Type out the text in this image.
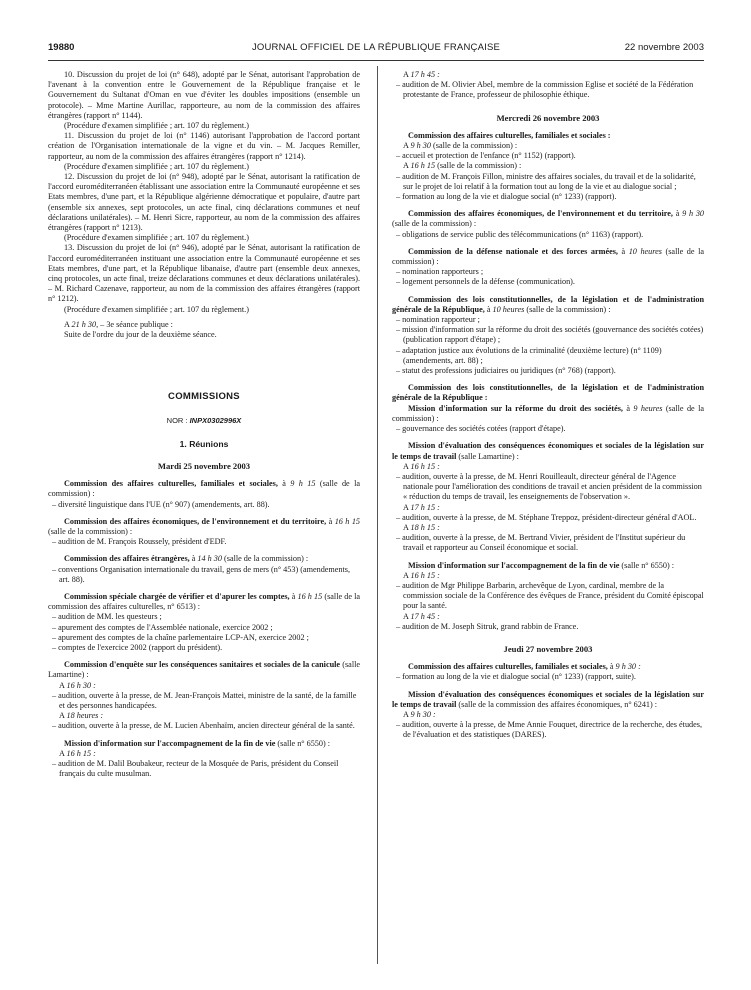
19880	JOURNAL OFFICIEL DE LA RÉPUBLIQUE FRANÇAISE	22 novembre 2003

10. Discussion du projet de loi (n° 648), adopté par le Sénat, autorisant l'approbation de l'avenant à la convention entre le Gouvernement de la République française et le Gouvernement du Sultanat d'Oman en vue d'éviter les doubles impositions (ensemble un protocole). – Mme Martine Aurillac, rapporteure, au nom de la commission des affaires étrangères (rapport n° 1144).

(Procédure d'examen simplifiée ; art. 107 du règlement.)

11. Discussion du projet de loi (n° 1146) autorisant l'approbation de l'accord portant création de l'Organisation internationale de la vigne et du vin. – M. Jacques Remiller, rapporteur, au nom de la commission des affaires étrangères (rapport n° 1214).

(Procédure d'examen simplifiée ; art. 107 du règlement.)

12. Discussion du projet de loi (n° 948), adopté par le Sénat, autorisant la ratification de l'accord euroméditerranéen établissant une association entre la Communauté européenne et ses Etats membres, d'une part, et la République algérienne démocratique et populaire, d'autre part (ensemble six annexes, sept protocoles, un acte final, cinq déclarations communes et neuf déclarations unilatérales). – M. Henri Sicre, rapporteur, au nom de la commission des affaires étrangères (rapport n° 1213).

(Procédure d'examen simplifiée ; art. 107 du règlement.)

13. Discussion du projet de loi (n° 946), adopté par le Sénat, autorisant la ratification de l'accord euroméditerranéen instituant une association entre la Communauté européenne et ses Etats membres, d'une part, et la République libanaise, d'autre part (ensemble deux annexes, cinq protocoles, un acte final, treize déclarations communes et deux déclarations unilatérales). – M. Richard Cazenave, rapporteur, au nom de la commission des affaires étrangères (rapport n° 1212).

(Procédure d'examen simplifiée ; art. 107 du règlement.)

A 21 h 30, – 3e séance publique :

Suite de l'ordre du jour de la deuxième séance.

COMMISSIONS
NOR : INPX0302996X
1. Réunions
Mardi 25 novembre 2003

Commission des affaires culturelles, familiales et sociales, à 9 h 15 (salle de la commission) :

– diversité linguistique dans l'UE (n° 907) (amendements, art. 88).

Commission des affaires économiques, de l'environnement et du territoire, à 16 h 15 (salle de la commission) :

– audition de M. François Roussely, président d'EDF.

Commission des affaires étrangères, à 14 h 30 (salle de la commission) :

– conventions Organisation internationale du travail, gens de mers (n° 453) (amendements, art. 88).

Commission spéciale chargée de vérifier et d'apurer les comptes, à 16 h 15 (salle de la commission des affaires culturelles, n° 6513) :

– audition de MM. les questeurs ;

– apurement des comptes de l'Assemblée nationale, exercice 2002 ;

– apurement des comptes de la chaîne parlementaire LCP-AN, exercice 2002 ;

– comptes de l'exercice 2002 (rapport du président).

Commission d'enquête sur les conséquences sanitaires et sociales de la canicule (salle Lamartine) :

A 16 h 30 :

– audition, ouverte à la presse, de M. Jean-François Mattei, ministre de la santé, de la famille et des personnes handicapées.

A 18 heures :

– audition, ouverte à la presse, de M. Lucien Abenhaïm, ancien directeur général de la santé.

Mission d'information sur l'accompagnement de la fin de vie (salle n° 6550) :

A 16 h 15 :

– audition de M. Dalil Boubakeur, recteur de la Mosquée de Paris, président du Conseil français du culte musulman.

A 17 h 45 :

– audition de M. Olivier Abel, membre de la commission Eglise et société de la Fédération protestante de France, professeur de philosophie éthique.

Mercredi 26 novembre 2003

Commission des affaires culturelles, familiales et sociales :

A 9 h 30 (salle de la commission) :

– accueil et protection de l'enfance (n° 1152) (rapport).

A 16 h 15 (salle de la commission) :

– audition de M. François Fillon, ministre des affaires sociales, du travail et de la solidarité, sur le projet de loi relatif à la formation tout au long de la vie et au dialogue social ;

– formation au long de la vie et dialogue social (n° 1233) (rapport).

Commission des affaires économiques, de l'environnement et du territoire, à 9 h 30 (salle de la commission) :

– obligations de service public des télécommunications (n° 1163) (rapport).

Commission de la défense nationale et des forces armées, à 10 heures (salle de la commission) :

– nomination rapporteurs ;

– logement personnels de la défense (communication).

Commission des lois constitutionnelles, de la législation et de l'administration générale de la République, à 10 heures (salle de la commission) :

– nomination rapporteur ;

– mission d'information sur la réforme du droit des sociétés (gouvernance des sociétés cotées) (publication rapport d'étape) ;

– adaptation justice aux évolutions de la criminalité (deuxième lecture) (n° 1109) (amendements, art. 88) ;

– statut des professions judiciaires ou juridiques (n° 768) (rapport).

Commission des lois constitutionnelles, de la législation et de l'administration générale de la République :

Mission d'information sur la réforme du droit des sociétés, à 9 heures (salle de la commission) :

– gouvernance des sociétés cotées (rapport d'étape).

Mission d'évaluation des conséquences économiques et sociales de la législation sur le temps de travail (salle Lamartine) :

A 16 h 15 :

– audition, ouverte à la presse, de M. Henri Rouilleault, directeur général de l'Agence nationale pour l'amélioration des conditions de travail et ancien président de la commission « réduction du temps de travail, les enseignements de l'observation ».

A 17 h 15 :

– audition, ouverte à la presse, de M. Stéphane Treppoz, président-directeur général d'AOL.

A 18 h 15 :

– audition, ouverte à la presse, de M. Bertrand Vivier, président de l'Institut supérieur du travail et rapporteur au Conseil économique et social.

Mission d'information sur l'accompagnement de la fin de vie (salle n° 6550) :

A 16 h 15 :

– audition de Mgr Philippe Barbarin, archevêque de Lyon, cardinal, membre de la commission sociale de la Conférence des évêques de France, président du Comité épiscopal pour la santé.

A 17 h 45 :

– audition de M. Joseph Sitruk, grand rabbin de France.

Jeudi 27 novembre 2003

Commission des affaires culturelles, familiales et sociales, à 9 h 30 :

– formation au long de la vie et dialogue social (n° 1233) (rapport, suite).

Mission d'évaluation des conséquences économiques et sociales de la législation sur le temps de travail (salle de la commission des affaires économiques, n° 6241) :

A 9 h 30 :

– audition, ouverte à la presse, de Mme Annie Fouquet, directrice de la recherche, des études, de l'évaluation et des statistiques (DARES).
